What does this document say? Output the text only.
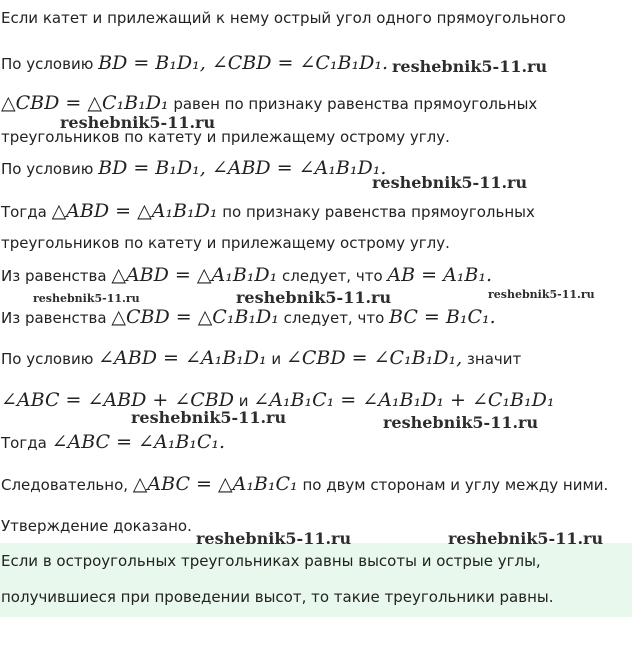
Если катет и прилежащий к нему острый угол одного прямоугольного
По условию BD = B₁D₁, ∠CBD = ∠C₁B₁D₁.
△CBD = △C₁B₁D₁ равен по признаку равенства прямоугольных
треугольников по катету и прилежащему острому углу.
По условию BD = B₁D₁, ∠ABD = ∠A₁B₁D₁.
Тогда △ABD = △A₁B₁D₁ по признаку равенства прямоугольных
треугольников по катету и прилежащему острому углу.
Из равенства △ABD = △A₁B₁D₁ следует, что AB = A₁B₁.
Из равенства △CBD = △C₁B₁D₁ следует, что BC = B₁C₁.
По условию ∠ABD = ∠A₁B₁D₁ и ∠CBD = ∠C₁B₁D₁, значит
∠ABC = ∠ABD + ∠CBD и ∠A₁B₁C₁ = ∠A₁B₁D₁ + ∠C₁B₁D₁
Тогда ∠ABC = ∠A₁B₁C₁.
Следовательно, △ABC = △A₁B₁C₁ по двум сторонам и углу между ними.
Утверждение доказано.
Если в остроугольных треугольниках равны высоты и острые углы,
получившиеся при проведении высот, то такие треугольники равны.
reshebnik5-11.ru
reshebnik5-11.ru
reshebnik5-11.ru
reshebnik5-11.ru	reshebnik5-11.ru	reshebnik5-11.ru
reshebnik5-11.ru	reshebnik5-11.ru
reshebnik5-11.ru	reshebnik5-11.ru
